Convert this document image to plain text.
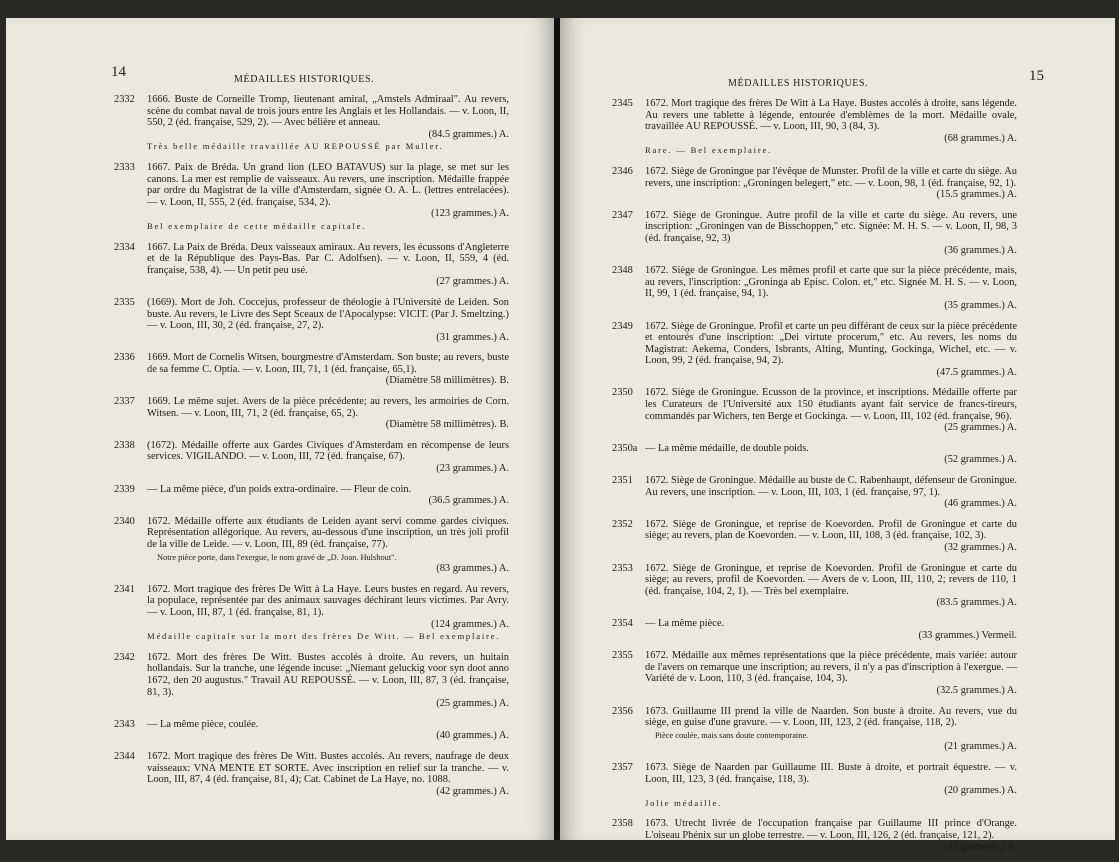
14	MÉDAILLES HISTORIQUES.
2332 1666. Buste de Corneille Tromp, lieutenant amiral, „Amstels Admiraal". Au revers, scène du combat naval de trois jours entre les Anglais et les Hollandais. — v. Loon, II, 550, 2 (éd. française, 529, 2). — Avec bélière et anneau.
(84.5 grammes.) A.
Très belle médaille travaillée AU REPOUSSÉ par Muller.
2333 1667. Paix de Bréda. Un grand lion (LEO BATAVUS) sur la plage, se met sur les canons. La mer est remplie de vaisseaux. Au revers, une inscription. Médaille frappée par ordre du Magistrat de la ville d'Amsterdam, signée O. A. L. (lettres entrelacées). — v. Loon, II, 555, 2 (éd. française, 534, 2).
(123 grammes.) A.
Bel exemplaire de cette médaille capitale.
2334 1667. La Paix de Bréda. Deux vaisseaux amiraux. Au revers, les écussons d'Angleterre et de la République des Pays-Bas. Par C. Adolfsen). — v. Loon, II, 559, 4 (éd. française, 538, 4). — Un petit peu usé.
(27 grammes.) A.
2335 (1669). Mort de Joh. Coccejus, professeur de théologie à l'Université de Leiden. Son buste. Au revers, le Livre des Sept Sceaux de l'Apocalypse: VICIT. (Par J. Smeltzing.) — v. Loon, III, 30, 2 (éd. française, 27, 2).
(31 grammes.) A.
2336 1669. Mort de Cornelis Witsen, bourgmestre d'Amsterdam. Son buste; au revers, buste de sa femme C. Optia. — v. Loon, III, 71, 1 (éd. française, 65,1).
(Diamètre 58 millimètres). B.
2337 1669. Le même sujet. Avers de la pièce précédente; au revers, les armoiries de Corn. Witsen. — v. Loon, III, 71, 2 (éd. française, 65, 2).
(Diamètre 58 millimètres). B.
2338 (1672). Médaille offerte aux Gardes Civiques d'Amsterdam en récompense de leurs services. VIGILANDO. — v. Loon, III, 72 (éd. française, 67).
(23 grammes.) A.
2339 — La même pièce, d'un poids extra-ordinaire. — Fleur de coin.
(36.5 grammes.) A.
2340 1672. Médaille offerte aux étudiants de Leiden ayant servi comme gardes civiques. Représentation allégorique. Au revers, au-dessous d'une inscription, un très joli profil de la ville de Leide. — v. Loon, III, 89 (éd. française, 77).
Notre pièce porte, dans l'exergue, le nom gravé de „D. Joan. Hulshout".
(83 grammes.) A.
2341 1672. Mort tragique des frères De Witt à La Haye. Leurs bustes en regard. Au revers, la populace, représentée par des animaux sauvages déchirant leurs victimes. Par Avry. — v. Loon, III, 87, 1 (éd. française, 81, 1).
(124 grammes.) A.
Médaille capitale sur la mort des frères De Witt. — Bel exemplaire.
2342 1672. Mort des frères De Witt. Bustes accolés à droite. Au revers, un huitain hollandais. Sur la tranche, une légende incuse: „Niemant geluckig voor syn doot anno 1672, den 20 augustus." Travail AU REPOUSSÉ. — v. Loon, III, 87, 3 (éd. française, 81, 3).
(25 grammes.) A.
2343 — La même pièce, coulée.
(40 grammes.) A.
2344 1672. Mort tragique des frères De Witt. Bustes accolés. Au revers, naufrage de deux vaisseaux: VNA MENTE ET SORTE. Avec inscription en relief sur la tranche. — v. Loon, III, 87, 4 (éd. française, 81, 4); Cat. Cabinet de La Haye, no. 1088.
(42 grammes.) A.
15
MÉDAILLES HISTORIQUES.
2345 1672. Mort tragique des frères De Witt à La Haye. Bustes accolés à droite, sans légende. Au revers une tablette à légende, entourée d'emblèmes de la mort. Médaille ovale, travaillée AU REPOUSSÉ. — v. Loon, III, 90, 3 (84, 3).
(68 grammes.) A.
Rare. — Bel exemplaire.
2346 1672. Siège de Groningue par l'évêque de Munster. Profil de la ville et carte du siège. Au revers, une inscription: „Groningen belegert," etc. — v. Loon, 98, 1 (éd. française, 92, 1).
(15.5 grammes.) A.
2347 1672. Siège de Groningue. Autre profil de la ville et carte du siège. Au revers, une inscription: „Groningen van de Bisschoppen," etc. Signée: M. H. S. — v. Loon, II, 98, 3 (éd. française, 92, 3)
(36 grammes.) A.
2348 1672. Siège de Groningue. Les mêmes profil et carte que sur la pièce précédente, mais, au revers, l'inscription: „Groninga ab Episc. Colon. et," etc. Signée M. H. S. — v. Loon, II, 99, 1 (éd. française, 94, 1).
(35 grammes.) A.
2349 1672. Siège de Groningue. Profil et carte un peu différant de ceux sur la pièce précédente et entourés d'une inscription: „Dei virtute procerum," etc. Au revers, les noms du Magistrat: Aekema, Conders, Isbrants, Alting, Munting, Gockinga, Wichel, etc. — v. Loon, 99, 2 (éd. française, 94, 2).
(47.5 grammes.) A.
2350 1672. Siège de Groningue. Ecusson de la province, et inscriptions. Médaille offerte par les Curateurs de l'Université aux 150 étudiants ayant fait service de francs-tireurs, commandés par Wichers, ten Berge et Gockinga. — v. Loon, III, 102 (éd. française, 96).
(25 grammes.) A.
2350a — La même médaille, de double poids.
(52 grammes.) A.
2351 1672. Siège de Groningue. Médaille au buste de C. Rabenhaupt, défenseur de Groningue. Au revers, une inscription. — v. Loon, III, 103, 1 (éd. française, 97, 1).
(46 grammes.) A.
2352 1672. Siège de Groningue, et reprise de Koevorden. Profil de Groningue et carte du siège; au revers, plan de Koevorden. — v. Loon, III, 108, 3 (éd. française, 102, 3).
(32 grammes.) A.
2353 1672. Siège de Groningue, et reprise de Koevorden. Profil de Groningue et carte du siège; au revers, profil de Koevorden. — Avers de v. Loon, III, 110, 2; revers de 110, 1 (éd. française, 104, 2, 1). — Très bel exemplaire.
(83.5 grammes.) A.
2354 — La même pièce.
(33 grammes.) Vermeil.
2355 1672. Médaille aux mêmes représentations que la pièce précédente, mais variée: autour de l'avers on remarque une inscription; au revers, il n'y a pas d'inscription à l'exergue. — Variété de v. Loon, 110, 3 (éd. française, 104, 3).
(32.5 grammes.) A.
2356 1673. Guillaume III prend la ville de Naarden. Son buste à droite. Au revers, vue du siège, en guise d'une gravure. — v. Loon, III, 123, 2 (éd. française, 118, 2).
Pièce coulée, mais sans doute contemporaine.
(21 grammes.) A.
2357 1673. Siège de Naarden par Guillaume III. Buste à droite, et portrait équestre. — v. Loon, III, 123, 3 (éd. française, 118, 3).
(20 grammes.) A.
Jolie médaille.
2358 1673. Utrecht livrée de l'occupation française par Guillaume III prince d'Orange. L'oiseau Phénix sur un globe terrestre. — v. Loon, III, 126, 2 (éd. française, 121, 2).
(45 grammes.) A.
